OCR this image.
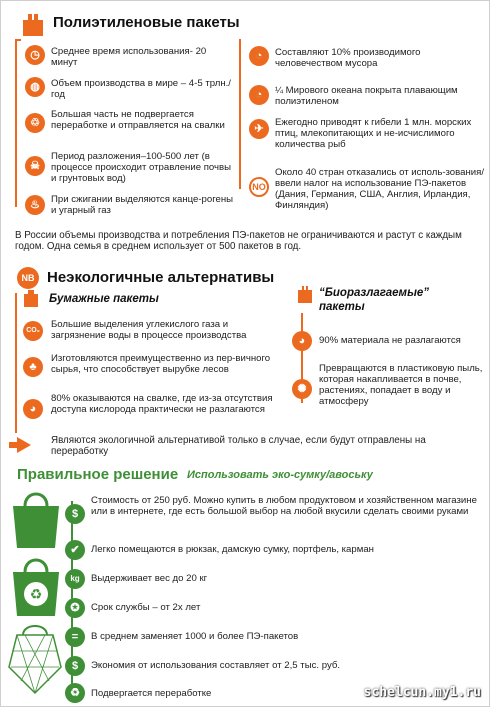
Полиэтиленовые пакеты
◷	Среднее время использования- 20 минут
◍	Объем производства в мире – 4-5 трлн./год
♲
Большая часть не подвергается переработке и отправляется на свалки
☠
Период разложения–100-500 лет (в процессе происходит отравление почвы и грунтовых вод)
♨	При сжигании выделяются канце-рогены и угарный газ
◔	Составляют 10% производимого человечеством мусора
◔	¼ Мирового океана покрыта плавающим полиэтиленом
✈
Ежегодно приводят к гибели 1 млн. морских птиц, млекопитающих и не-исчислимого количества рыб
NO
Около 40 стран отказались от исполь-зования/ввели налог на использование ПЭ-пакетов (Дания, Германия, США, Англия, Ирландия, Финляндия)
В России объемы производства и потребления ПЭ-пакетов не ограничиваются и растут с каждым годом. Одна семья в среднем использует от 500 пакетов в год.
NB Неэкологичные альтернативы
Бумажные пакеты
CO₂
Большие выделения углекислого газа и загрязнение воды в процессе производства
♣
Изготовляются преимущественно из пер-вичного сырья, что способствует вырубке лесов
◕
80% оказываются на свалке, где из-за отсутствия доступа кислорода практически не разлагаются
“Биоразлагаемые” пакеты
◕	90% материала не разлагаются
✺
Превращаются в пластиковую пыль, которая накапливается в почве, растениях, попадает в воду и атмосферу
Являются экологичной альтернативой только в случае, если будут отправлены на переработку
Правильное решение Использовать эко-сумку/авоську
♻
$
Стоимость от 250 руб. Можно купить в любом продуктовом и хозяйственном магазине или в интернете, где есть большой выбор на любой вкусили сделать своими руками
✔	Легко помещаются в рюкзак, дамскую сумку, портфель, карман
kg	Выдерживает вес до 20 кг
✪	Срок службы – от 2х лет
=	В среднем заменяет 1000 и более ПЭ-пакетов
$	Экономия от использования составляет от 2,5 тыс. руб.
♻	Подвергается переработке	schelcun.my1.ru
